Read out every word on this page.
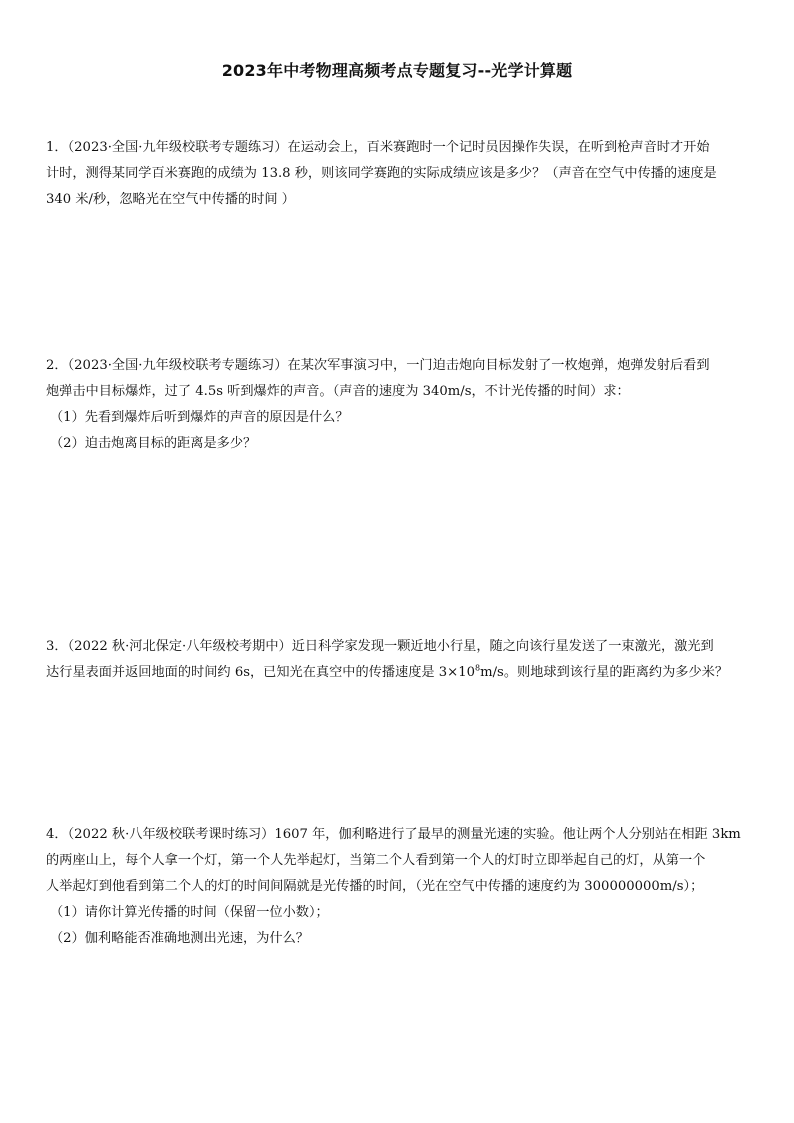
2023年中考物理高频考点专题复习--光学计算题
1．（2023·全国·九年级校联考专题练习）在运动会上，百米赛跑时一个记时员因操作失误，在听到枪声音时才开始
计时，测得某同学百米赛跑的成绩为 13.8 秒，则该同学赛跑的实际成绩应该是多少？（声音在空气中传播的速度是
340 米/秒，忽略光在空气中传播的时间 ）
2．（2023·全国·九年级校联考专题练习）在某次军事演习中，一门迫击炮向目标发射了一枚炮弹，炮弹发射后看到
炮弹击中目标爆炸，过了 4.5s 听到爆炸的声音。（声音的速度为 340m/s，不计光传播的时间）求：
（1）先看到爆炸后听到爆炸的声音的原因是什么？
（2）迫击炮离目标的距离是多少？
3．（2022 秋·河北保定·八年级校考期中）近日科学家发现一颗近地小行星，随之向该行星发送了一束激光，激光到
达行星表面并返回地面的时间约 6s，已知光在真空中的传播速度是 $3\times 10^8m/s$。则地球到该行星的距离约为多少米？
4．（2022 秋·八年级校联考课时练习）1607 年，伽利略进行了最早的测量光速的实验。他让两个人分别站在相距 3km
的两座山上，每个人拿一个灯，第一个人先举起灯，当第二个人看到第一个人的灯时立即举起自己的灯，从第一个
人举起灯到他看到第二个人的灯的时间间隔就是光传播的时间，（光在空气中传播的速度约为 300000000m/s）；
（1）请你计算光传播的时间（保留一位小数）；
（2）伽利略能否准确地测出光速，为什么？
